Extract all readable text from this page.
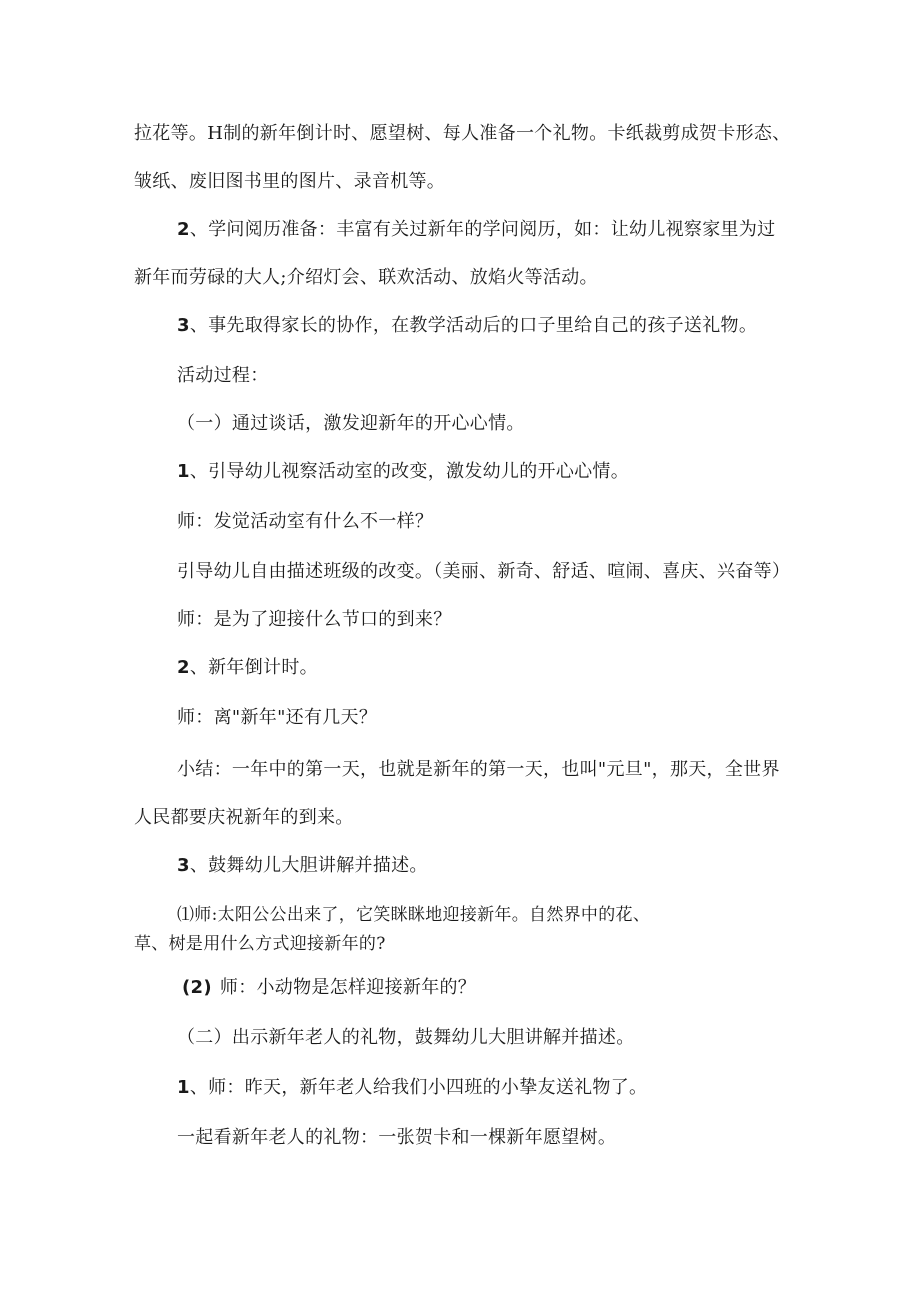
拉花等。H制的新年倒计时、愿望树、每人准备一个礼物。卡纸裁剪成贺卡形态、
皱纸、废旧图书里的图片、录音机等。
2、学问阅历准备：丰富有关过新年的学问阅历，如：让幼儿视察家里为过
新年而劳碌的大人;介绍灯会、联欢活动、放焰火等活动。
3、事先取得家长的协作，在教学活动后的口子里给自己的孩子送礼物。
活动过程：
（一）通过谈话，激发迎新年的开心心情。
1、引导幼儿视察活动室的改变，激发幼儿的开心心情。
师：发觉活动室有什么不一样？
引导幼儿自由描述班级的改变。（美丽、新奇、舒适、喧闹、喜庆、兴奋等）
师：是为了迎接什么节口的到来？
2、新年倒计时。
师：离"新年"还有几天？
小结：一年中的第一天，也就是新年的第一天，也叫"元旦"，那天，全世界
人民都要庆祝新年的到来。
3、鼓舞幼儿大胆讲解并描述。
⑴师:太阳公公出来了，它笑眯眯地迎接新年。自然界中的花、
草、树是用什么方式迎接新年的?
(2) 师：小动物是怎样迎接新年的？
（二）出示新年老人的礼物，鼓舞幼儿大胆讲解并描述。
1、师：昨天，新年老人给我们小四班的小挚友送礼物了。
一起看新年老人的礼物：一张贺卡和一棵新年愿望树。
